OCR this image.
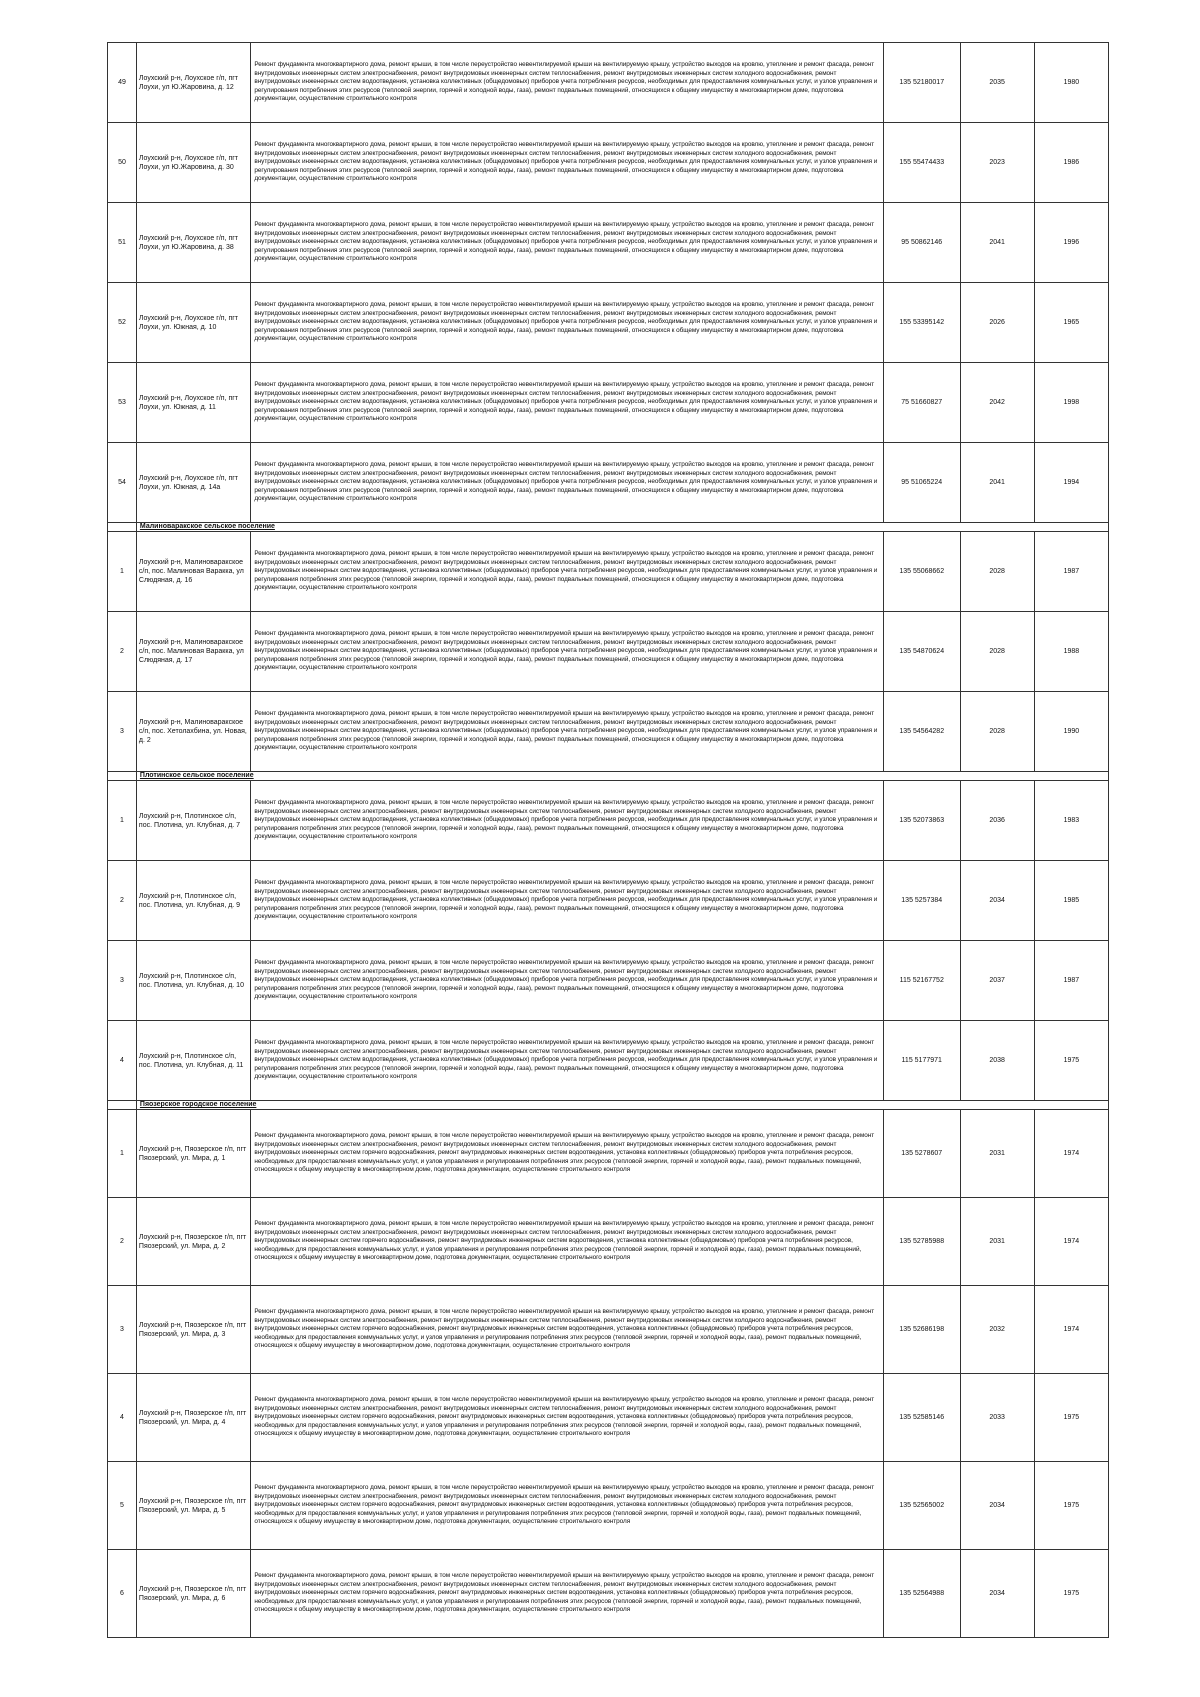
49	Лоухский р-н, Лоухское г/п, пгт Лоухи, ул Ю.Жаровина, д. 12	Ремонт фундамента многоквартирного дома, ремонт крыши, в том числе переустройство невентилируемой крыши на вентилируемую крышу, устройство выходов на кровлю, утепление и ремонт фасада, ремонт внутридомовых инженерных систем электроснабжения, ремонт внутридомовых инженерных систем теплоснабжения, ремонт внутридомовых инженерных систем холодного водоснабжения, ремонт внутридомовых инженерных систем водоотведения, установка коллективных (общедомовых) приборов учета потребления ресурсов, необходимых для предоставления коммунальных услуг, и узлов управления и регулирования потребления этих ресурсов (тепловой энергии, горячей и холодной воды, газа), ремонт подвальных помещений, относящихся к общему имуществу в многоквартирном доме, подготовка документации, осуществление строительного контроля	135 52180017	2035	1980
50	Лоухский р-н, Лоухское г/п, пгт Лоухи, ул Ю.Жаровина, д. 30	Ремонт фундамента многоквартирного дома, ремонт крыши, в том числе переустройство невентилируемой крыши на вентилируемую крышу, устройство выходов на кровлю, утепление и ремонт фасада, ремонт внутридомовых инженерных систем электроснабжения, ремонт внутридомовых инженерных систем теплоснабжения, ремонт внутридомовых инженерных систем холодного водоснабжения, ремонт внутридомовых инженерных систем водоотведения, установка коллективных (общедомовых) приборов учета потребления ресурсов, необходимых для предоставления коммунальных услуг, и узлов управления и регулирования потребления этих ресурсов (тепловой энергии, горячей и холодной воды, газа), ремонт подвальных помещений, относящихся к общему имуществу в многоквартирном доме, подготовка документации, осуществление строительного контроля	155 55474433	2023	1986
51	Лоухский р-н, Лоухское г/п, пгт Лоухи, ул Ю.Жаровина, д. 38	Ремонт фундамента многоквартирного дома, ремонт крыши, в том числе переустройство невентилируемой крыши на вентилируемую крышу, устройство выходов на кровлю, утепление и ремонт фасада, ремонт внутридомовых инженерных систем электроснабжения, ремонт внутридомовых инженерных систем теплоснабжения, ремонт внутридомовых инженерных систем холодного водоснабжения, ремонт внутридомовых инженерных систем водоотведения, установка коллективных (общедомовых) приборов учета потребления ресурсов, необходимых для предоставления коммунальных услуг, и узлов управления и регулирования потребления этих ресурсов (тепловой энергии, горячей и холодной воды, газа), ремонт подвальных помещений, относящихся к общему имуществу в многоквартирном доме, подготовка документации, осуществление строительного контроля	95 50862146	2041	1996
52	Лоухский р-н, Лоухское г/п, пгт Лоухи, ул. Южная, д. 10	Ремонт фундамента многоквартирного дома, ремонт крыши, в том числе переустройство невентилируемой крыши на вентилируемую крышу, устройство выходов на кровлю, утепление и ремонт фасада, ремонт внутридомовых инженерных систем электроснабжения, ремонт внутридомовых инженерных систем теплоснабжения, ремонт внутридомовых инженерных систем холодного водоснабжения, ремонт внутридомовых инженерных систем водоотведения, установка коллективных (общедомовых) приборов учета потребления ресурсов, необходимых для предоставления коммунальных услуг, и узлов управления и регулирования потребления этих ресурсов (тепловой энергии, горячей и холодной воды, газа), ремонт подвальных помещений, относящихся к общему имуществу в многоквартирном доме, подготовка документации, осуществление строительного контроля	155 53395142	2026	1965
53	Лоухский р-н, Лоухское г/п, пгт Лоухи, ул. Южная, д. 11	Ремонт фундамента многоквартирного дома, ремонт крыши, в том числе переустройство невентилируемой крыши на вентилируемую крышу, устройство выходов на кровлю, утепление и ремонт фасада, ремонт внутридомовых инженерных систем электроснабжения, ремонт внутридомовых инженерных систем теплоснабжения, ремонт внутридомовых инженерных систем холодного водоснабжения, ремонт внутридомовых инженерных систем водоотведения, установка коллективных (общедомовых) приборов учета потребления ресурсов, необходимых для предоставления коммунальных услуг, и узлов управления и регулирования потребления этих ресурсов (тепловой энергии, горячей и холодной воды, газа), ремонт подвальных помещений, относящихся к общему имуществу в многоквартирном доме, подготовка документации, осуществление строительного контроля	75 51660827	2042	1998
54	Лоухский р-н, Лоухское г/п, пгт Лоухи, ул. Южная, д. 14а	Ремонт фундамента многоквартирного дома, ремонт крыши, в том числе переустройство невентилируемой крыши на вентилируемую крышу, устройство выходов на кровлю, утепление и ремонт фасада, ремонт внутридомовых инженерных систем электроснабжения, ремонт внутридомовых инженерных систем теплоснабжения, ремонт внутридомовых инженерных систем холодного водоснабжения, ремонт внутридомовых инженерных систем водоотведения, установка коллективных (общедомовых) приборов учета потребления ресурсов, необходимых для предоставления коммунальных услуг, и узлов управления и регулирования потребления этих ресурсов (тепловой энергии, горячей и холодной воды, газа), ремонт подвальных помещений, относящихся к общему имуществу в многоквартирном доме, подготовка документации, осуществление строительного контроля	95 51065224	2041	1994
	Малиноваракское сельское поселение				
1	Лоухский р-н, Малиноваракское с/п, пос. Малиновая Варакка, ул Слюдяная, д. 16	Ремонт фундамента многоквартирного дома, ремонт крыши, в том числе переустройство невентилируемой крыши на вентилируемую крышу, устройство выходов на кровлю, утепление и ремонт фасада, ремонт внутридомовых инженерных систем электроснабжения, ремонт внутридомовых инженерных систем теплоснабжения, ремонт внутридомовых инженерных систем холодного водоснабжения, ремонт внутридомовых инженерных систем водоотведения, установка коллективных (общедомовых) приборов учета потребления ресурсов, необходимых для предоставления коммунальных услуг, и узлов управления и регулирования потребления этих ресурсов (тепловой энергии, горячей и холодной воды, газа), ремонт подвальных помещений, относящихся к общему имуществу в многоквартирном доме, подготовка документации, осуществление строительного контроля	135 55068662	2028	1987
2	Лоухский р-н, Малиноваракское с/п, пос. Малиновая Варакка, ул Слюдяная, д. 17	Ремонт фундамента многоквартирного дома, ремонт крыши, в том числе переустройство невентилируемой крыши на вентилируемую крышу, устройство выходов на кровлю, утепление и ремонт фасада, ремонт внутридомовых инженерных систем электроснабжения, ремонт внутридомовых инженерных систем теплоснабжения, ремонт внутридомовых инженерных систем холодного водоснабжения, ремонт внутридомовых инженерных систем водоотведения, установка коллективных (общедомовых) приборов учета потребления ресурсов, необходимых для предоставления коммунальных услуг, и узлов управления и регулирования потребления этих ресурсов (тепловой энергии, горячей и холодной воды, газа), ремонт подвальных помещений, относящихся к общему имуществу в многоквартирном доме, подготовка документации, осуществление строительного контроля	135 54870624	2028	1988
3	Лоухский р-н, Малиноваракское с/п, пос. Хетолахбина, ул. Новая, д. 2	Ремонт фундамента многоквартирного дома, ремонт крыши, в том числе переустройство невентилируемой крыши на вентилируемую крышу, устройство выходов на кровлю, утепление и ремонт фасада, ремонт внутридомовых инженерных систем электроснабжения, ремонт внутридомовых инженерных систем теплоснабжения, ремонт внутридомовых инженерных систем холодного водоснабжения, ремонт внутридомовых инженерных систем водоотведения, установка коллективных (общедомовых) приборов учета потребления ресурсов, необходимых для предоставления коммунальных услуг, и узлов управления и регулирования потребления этих ресурсов (тепловой энергии, горячей и холодной воды, газа), ремонт подвальных помещений, относящихся к общему имуществу в многоквартирном доме, подготовка документации, осуществление строительного контроля	135 54564282	2028	1990
	Плотинское сельское поселение				
1	Лоухский р-н, Плотинское с/п, пос. Плотина, ул. Клубная, д. 7	Ремонт фундамента многоквартирного дома, ремонт крыши, в том числе переустройство невентилируемой крыши на вентилируемую крышу, устройство выходов на кровлю, утепление и ремонт фасада, ремонт внутридомовых инженерных систем электроснабжения, ремонт внутридомовых инженерных систем теплоснабжения, ремонт внутридомовых инженерных систем холодного водоснабжения, ремонт внутридомовых инженерных систем водоотведения, установка коллективных (общедомовых) приборов учета потребления ресурсов, необходимых для предоставления коммунальных услуг, и узлов управления и регулирования потребления этих ресурсов (тепловой энергии, горячей и холодной воды, газа), ремонт подвальных помещений, относящихся к общему имуществу в многоквартирном доме, подготовка документации, осуществление строительного контроля	135 52073863	2036	1983
2	Лоухский р-н, Плотинское с/п, пос. Плотина, ул. Клубная, д. 9	Ремонт фундамента многоквартирного дома, ремонт крыши, в том числе переустройство невентилируемой крыши на вентилируемую крышу, устройство выходов на кровлю, утепление и ремонт фасада, ремонт внутридомовых инженерных систем электроснабжения, ремонт внутридомовых инженерных систем теплоснабжения, ремонт внутридомовых инженерных систем холодного водоснабжения, ремонт внутридомовых инженерных систем водоотведения, установка коллективных (общедомовых) приборов учета потребления ресурсов, необходимых для предоставления коммунальных услуг, и узлов управления и регулирования потребления этих ресурсов (тепловой энергии, горячей и холодной воды, газа), ремонт подвальных помещений, относящихся к общему имуществу в многоквартирном доме, подготовка документации, осуществление строительного контроля	135 5257384	2034	1985
3	Лоухский р-н, Плотинское с/п, пос. Плотина, ул. Клубная, д. 10	Ремонт фундамента многоквартирного дома, ремонт крыши, в том числе переустройство невентилируемой крыши на вентилируемую крышу, устройство выходов на кровлю, утепление и ремонт фасада, ремонт внутридомовых инженерных систем электроснабжения, ремонт внутридомовых инженерных систем теплоснабжения, ремонт внутридомовых инженерных систем холодного водоснабжения, ремонт внутридомовых инженерных систем водоотведения, установка коллективных (общедомовых) приборов учета потребления ресурсов, необходимых для предоставления коммунальных услуг, и узлов управления и регулирования потребления этих ресурсов (тепловой энергии, горячей и холодной воды, газа), ремонт подвальных помещений, относящихся к общему имуществу в многоквартирном доме, подготовка документации, осуществление строительного контроля	115 52167752	2037	1987
4	Лоухский р-н, Плотинское с/п, пос. Плотина, ул. Клубная, д. 11	Ремонт фундамента многоквартирного дома, ремонт крыши, в том числе переустройство невентилируемой крыши на вентилируемую крышу, устройство выходов на кровлю, утепление и ремонт фасада, ремонт внутридомовых инженерных систем электроснабжения, ремонт внутридомовых инженерных систем теплоснабжения, ремонт внутридомовых инженерных систем холодного водоснабжения, ремонт внутридомовых инженерных систем водоотведения, установка коллективных (общедомовых) приборов учета потребления ресурсов, необходимых для предоставления коммунальных услуг, и узлов управления и регулирования потребления этих ресурсов (тепловой энергии, горячей и холодной воды, газа), ремонт подвальных помещений, относящихся к общему имуществу в многоквартирном доме, подготовка документации, осуществление строительного контроля	115 5177971	2038	1975
	Пяозерское городское поселение				
1	Лоухский р-н, Пяозерское г/п, пгт Пяозерский, ул. Мира, д. 1	Ремонт фундамента многоквартирного дома, ремонт крыши, в том числе переустройство невентилируемой крыши на вентилируемую крышу, устройство выходов на кровлю, утепление и ремонт фасада, ремонт внутридомовых инженерных систем электроснабжения, ремонт внутридомовых инженерных систем теплоснабжения, ремонт внутридомовых инженерных систем холодного водоснабжения, ремонт внутридомовых инженерных систем горячего водоснабжения, ремонт внутридомовых инженерных систем водоотведения, установка коллективных (общедомовых) приборов учета потребления ресурсов, необходимых для предоставления коммунальных услуг, и узлов управления и регулирования потребления этих ресурсов (тепловой энергии, горячей и холодной воды, газа), ремонт подвальных помещений, относящихся к общему имуществу в многоквартирном доме, подготовка документации, осуществление строительного контроля	135 5278607	2031	1974
2	Лоухский р-н, Пяозерское г/п, пгт Пяозерский, ул. Мира, д. 2	Ремонт фундамента многоквартирного дома, ремонт крыши, в том числе переустройство невентилируемой крыши на вентилируемую крышу, устройство выходов на кровлю, утепление и ремонт фасада, ремонт внутридомовых инженерных систем электроснабжения, ремонт внутридомовых инженерных систем теплоснабжения, ремонт внутридомовых инженерных систем холодного водоснабжения, ремонт внутридомовых инженерных систем горячего водоснабжения, ремонт внутридомовых инженерных систем водоотведения, установка коллективных (общедомовых) приборов учета потребления ресурсов, необходимых для предоставления коммунальных услуг, и узлов управления и регулирования потребления этих ресурсов (тепловой энергии, горячей и холодной воды, газа), ремонт подвальных помещений, относящихся к общему имуществу в многоквартирном доме, подготовка документации, осуществление строительного контроля	135 52785988	2031	1974
3	Лоухский р-н, Пяозерское г/п, пгт Пяозерский, ул. Мира, д. 3	Ремонт фундамента многоквартирного дома, ремонт крыши, в том числе переустройство невентилируемой крыши на вентилируемую крышу, устройство выходов на кровлю, утепление и ремонт фасада, ремонт внутридомовых инженерных систем электроснабжения, ремонт внутридомовых инженерных систем теплоснабжения, ремонт внутридомовых инженерных систем холодного водоснабжения, ремонт внутридомовых инженерных систем горячего водоснабжения, ремонт внутридомовых инженерных систем водоотведения, установка коллективных (общедомовых) приборов учета потребления ресурсов, необходимых для предоставления коммунальных услуг, и узлов управления и регулирования потребления этих ресурсов (тепловой энергии, горячей и холодной воды, газа), ремонт подвальных помещений, относящихся к общему имуществу в многоквартирном доме, подготовка документации, осуществление строительного контроля	135 52686198	2032	1974
4	Лоухский р-н, Пяозерское г/п, пгт Пяозерский, ул. Мира, д. 4	Ремонт фундамента многоквартирного дома, ремонт крыши, в том числе переустройство невентилируемой крыши на вентилируемую крышу, устройство выходов на кровлю, утепление и ремонт фасада, ремонт внутридомовых инженерных систем электроснабжения, ремонт внутридомовых инженерных систем теплоснабжения, ремонт внутридомовых инженерных систем холодного водоснабжения, ремонт внутридомовых инженерных систем горячего водоснабжения, ремонт внутридомовых инженерных систем водоотведения, установка коллективных (общедомовых) приборов учета потребления ресурсов, необходимых для предоставления коммунальных услуг, и узлов управления и регулирования потребления этих ресурсов (тепловой энергии, горячей и холодной воды, газа), ремонт подвальных помещений, относящихся к общему имуществу в многоквартирном доме, подготовка документации, осуществление строительного контроля	135 52585146	2033	1975
5	Лоухский р-н, Пяозерское г/п, пгт Пяозерский, ул. Мира, д. 5	Ремонт фундамента многоквартирного дома, ремонт крыши, в том числе переустройство невентилируемой крыши на вентилируемую крышу, устройство выходов на кровлю, утепление и ремонт фасада, ремонт внутридомовых инженерных систем электроснабжения, ремонт внутридомовых инженерных систем теплоснабжения, ремонт внутридомовых инженерных систем холодного водоснабжения, ремонт внутридомовых инженерных систем горячего водоснабжения, ремонт внутридомовых инженерных систем водоотведения, установка коллективных (общедомовых) приборов учета потребления ресурсов, необходимых для предоставления коммунальных услуг, и узлов управления и регулирования потребления этих ресурсов (тепловой энергии, горячей и холодной воды, газа), ремонт подвальных помещений, относящихся к общему имуществу в многоквартирном доме, подготовка документации, осуществление строительного контроля	135 52565002	2034	1975
6	Лоухский р-н, Пяозерское г/п, пгт Пяозерский, ул. Мира, д. 6	Ремонт фундамента многоквартирного дома, ремонт крыши, в том числе переустройство невентилируемой крыши на вентилируемую крышу, устройство выходов на кровлю, утепление и ремонт фасада, ремонт внутридомовых инженерных систем электроснабжения, ремонт внутридомовых инженерных систем теплоснабжения, ремонт внутридомовых инженерных систем холодного водоснабжения, ремонт внутридомовых инженерных систем горячего водоснабжения, ремонт внутридомовых инженерных систем водоотведения, установка коллективных (общедомовых) приборов учета потребления ресурсов, необходимых для предоставления коммунальных услуг, и узлов управления и регулирования потребления этих ресурсов (тепловой энергии, горячей и холодной воды, газа), ремонт подвальных помещений, относящихся к общему имуществу в многоквартирном доме, подготовка документации, осуществление строительного контроля	135 52564988	2034	1975
